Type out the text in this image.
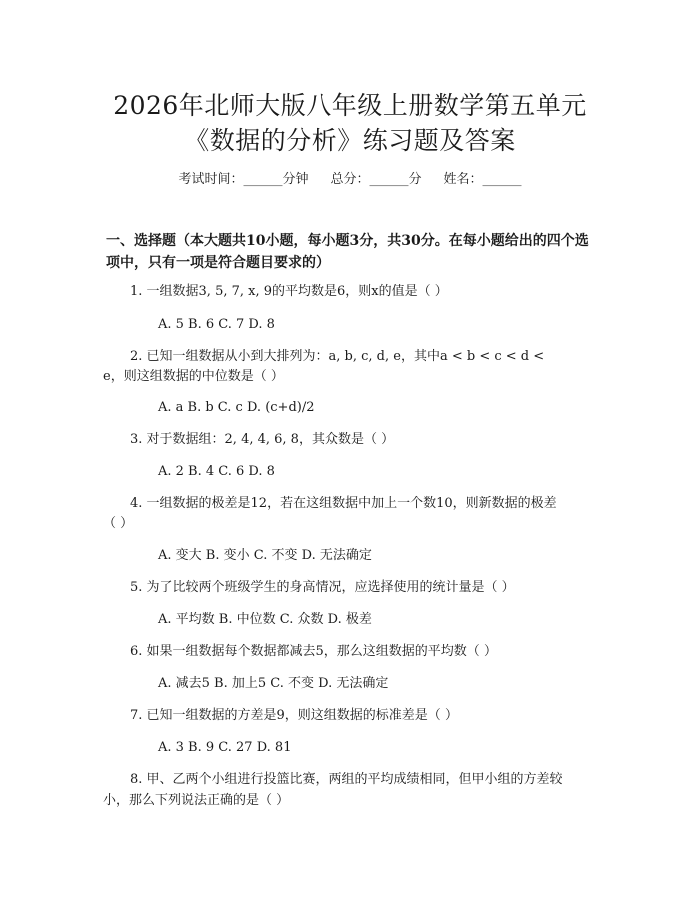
2026年北师大版八年级上册数学第五单元
《数据的分析》练习题及答案
考试时间：______分钟 总分：______分 姓名：______
一、选择题（本大题共10小题，每小题3分，共30分。在每小题给出的四个选
项中，只有一项是符合题目要求的）
1. 一组数据3, 5, 7, x, 9的平均数是6，则x的值是（ ）
A. 5 B. 6 C. 7 D. 8
2. 已知一组数据从小到大排列为：a, b, c, d, e，其中a < b < c < d <
e，则这组数据的中位数是（ ）
A. a B. b C. c D. (c+d)/2
3. 对于数据组：2, 4, 4, 6, 8，其众数是（ ）
A. 2 B. 4 C. 6 D. 8
4. 一组数据的极差是12，若在这组数据中加上一个数10，则新数据的极差
（ ）
A. 变大 B. 变小 C. 不变 D. 无法确定
5. 为了比较两个班级学生的身高情况，应选择使用的统计量是（ ）
A. 平均数 B. 中位数 C. 众数 D. 极差
6. 如果一组数据每个数据都减去5，那么这组数据的平均数（ ）
A. 减去5 B. 加上5 C. 不变 D. 无法确定
7. 已知一组数据的方差是9，则这组数据的标准差是（ ）
A. 3 B. 9 C. 27 D. 81
8. 甲、乙两个小组进行投篮比赛，两组的平均成绩相同，但甲小组的方差较
小，那么下列说法正确的是（ ）
